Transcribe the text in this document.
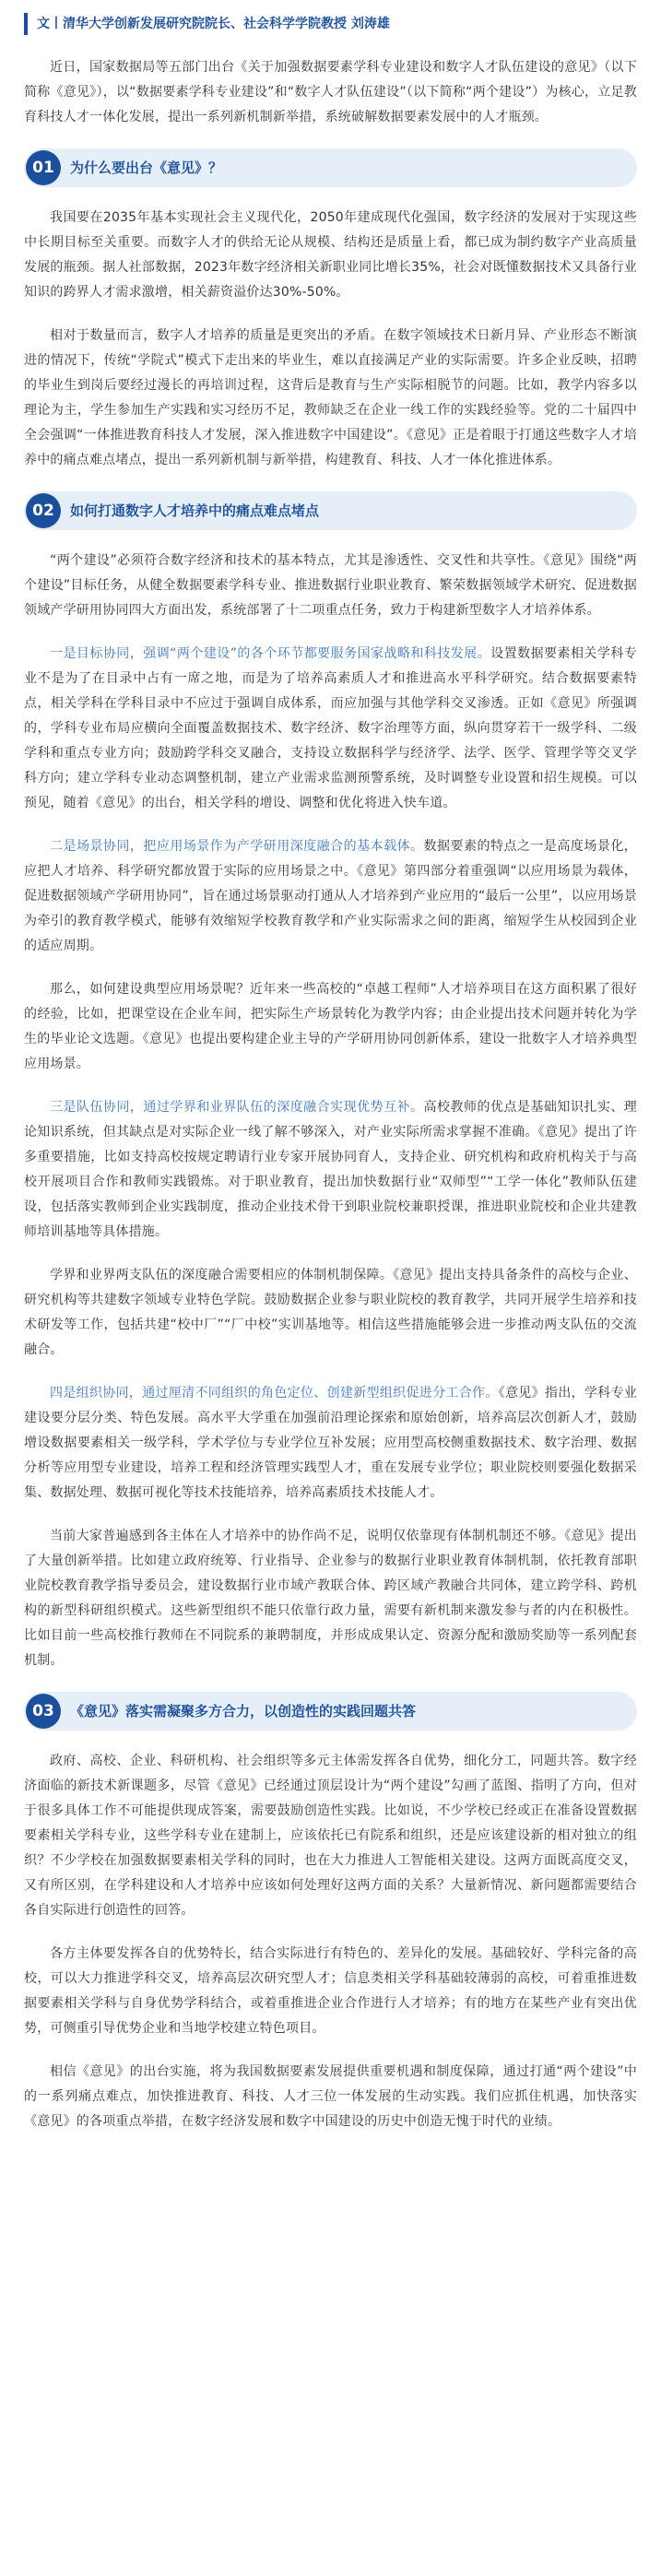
文丨清华大学创新发展研究院院长、社会科学学院教授 刘涛雄

近日，国家数据局等五部门出台《关于加强数据要素学科专业建设和数字人才队伍建设的意见》（以下简称《意见》），以“数据要素学科专业建设”和“数字人才队伍建设”（以下简称“两个建设”）为核心，立足教育科技人才一体化发展，提出一系列新机制新举措，系统破解数据要素发展中的人才瓶颈。

01	为什么要出台《意见》？

我国要在2035年基本实现社会主义现代化，2050年建成现代化强国，数字经济的发展对于实现这些中长期目标至关重要。而数字人才的供给无论从规模、结构还是质量上看，都已成为制约数字产业高质量发展的瓶颈。据人社部数据，2023年数字经济相关新职业同比增长35%，社会对既懂数据技术又具备行业知识的跨界人才需求激增，相关薪资溢价达30%-50%。

相对于数量而言，数字人才培养的质量是更突出的矛盾。在数字领域技术日新月异、产业形态不断演进的情况下，传统“学院式”模式下走出来的毕业生，难以直接满足产业的实际需要。许多企业反映，招聘的毕业生到岗后要经过漫长的再培训过程，这背后是教育与生产实际相脱节的问题。比如，教学内容多以理论为主，学生参加生产实践和实习经历不足，教师缺乏在企业一线工作的实践经验等。党的二十届四中全会强调“一体推进教育科技人才发展，深入推进数字中国建设”。《意见》正是着眼于打通这些数字人才培养中的痛点难点堵点，提出一系列新机制与新举措，构建教育、科技、人才一体化推进体系。

02	如何打通数字人才培养中的痛点难点堵点

“两个建设”必须符合数字经济和技术的基本特点，尤其是渗透性、交叉性和共享性。《意见》围绕“两个建设”目标任务，从健全数据要素学科专业、推进数据行业职业教育、繁荣数据领域学术研究、促进数据领域产学研用协同四大方面出发，系统部署了十二项重点任务，致力于构建新型数字人才培养体系。

一是目标协同，强调“两个建设”的各个环节都要服务国家战略和科技发展。设置数据要素相关学科专业不是为了在目录中占有一席之地，而是为了培养高素质人才和推进高水平科学研究。结合数据要素特点，相关学科在学科目录中不应过于强调自成体系，而应加强与其他学科交叉渗透。正如《意见》所强调的，学科专业布局应横向全面覆盖数据技术、数字经济、数字治理等方面，纵向贯穿若干一级学科、二级学科和重点专业方向；鼓励跨学科交叉融合，支持设立数据科学与经济学、法学、医学、管理学等交叉学科方向；建立学科专业动态调整机制，建立产业需求监测预警系统，及时调整专业设置和招生规模。可以预见，随着《意见》的出台，相关学科的增设、调整和优化将进入快车道。

二是场景协同，把应用场景作为产学研用深度融合的基本载体。数据要素的特点之一是高度场景化，应把人才培养、科学研究都放置于实际的应用场景之中。《意见》第四部分着重强调“以应用场景为载体，促进数据领域产学研用协同”，旨在通过场景驱动打通从人才培养到产业应用的“最后一公里”，以应用场景为牵引的教育教学模式，能够有效缩短学校教育教学和产业实际需求之间的距离，缩短学生从校园到企业的适应周期。

那么，如何建设典型应用场景呢？近年来一些高校的“卓越工程师”人才培养项目在这方面积累了很好的经验，比如，把课堂设在企业车间，把实际生产场景转化为教学内容；由企业提出技术问题并转化为学生的毕业论文选题。《意见》也提出要构建企业主导的产学研用协同创新体系，建设一批数字人才培养典型应用场景。

三是队伍协同，通过学界和业界队伍的深度融合实现优势互补。高校教师的优点是基础知识扎实、理论知识系统，但其缺点是对实际企业一线了解不够深入，对产业实际所需求掌握不准确。《意见》提出了许多重要措施，比如支持高校按规定聘请行业专家开展协同育人，支持企业、研究机构和政府机构关于与高校开展项目合作和教师实践锻炼。对于职业教育，提出加快数据行业“双师型”“工学一体化”教师队伍建设，包括落实教师到企业实践制度，推动企业技术骨干到职业院校兼职授课，推进职业院校和企业共建教师培训基地等具体措施。

学界和业界两支队伍的深度融合需要相应的体制机制保障。《意见》提出支持具备条件的高校与企业、研究机构等共建数字领域专业特色学院。鼓励数据企业参与职业院校的教育教学，共同开展学生培养和技术研发等工作，包括共建“校中厂”“厂中校”实训基地等。相信这些措施能够会进一步推动两支队伍的交流融合。

四是组织协同，通过厘清不同组织的角色定位、创建新型组织促进分工合作。《意见》指出，学科专业建设要分层分类、特色发展。高水平大学重在加强前沿理论探索和原始创新，培养高层次创新人才，鼓励增设数据要素相关一级学科，学术学位与专业学位互补发展；应用型高校侧重数据技术、数字治理、数据分析等应用型专业建设，培养工程和经济管理实践型人才，重在发展专业学位；职业院校则要强化数据采集、数据处理、数据可视化等技术技能培养，培养高素质技术技能人才。

当前大家普遍感到各主体在人才培养中的协作尚不足，说明仅依靠现有体制机制还不够。《意见》提出了大量创新举措。比如建立政府统筹、行业指导、企业参与的数据行业职业教育体制机制，依托教育部职业院校教育教学指导委员会，建设数据行业市域产教联合体、跨区域产教融合共同体，建立跨学科、跨机构的新型科研组织模式。这些新型组织不能只依靠行政力量，需要有新机制来激发参与者的内在积极性。比如目前一些高校推行教师在不同院系的兼聘制度，并形成成果认定、资源分配和激励奖励等一系列配套机制。

03	《意见》落实需凝聚多方合力，以创造性的实践回题共答

政府、高校、企业、科研机构、社会组织等多元主体需发挥各自优势，细化分工，同题共答。数字经济面临的新技术新课题多，尽管《意见》已经通过顶层设计为“两个建设”勾画了蓝图、指明了方向，但对于很多具体工作不可能提供现成答案，需要鼓励创造性实践。比如说，不少学校已经或正在准备设置数据要素相关学科专业，这些学科专业在建制上，应该依托已有院系和组织，还是应该建设新的相对独立的组织？不少学校在加强数据要素相关学科的同时，也在大力推进人工智能相关建设。这两方面既高度交叉，又有所区别，在学科建设和人才培养中应该如何处理好这两方面的关系？大量新情况、新问题都需要结合各自实际进行创造性的回答。

各方主体要发挥各自的优势特长，结合实际进行有特色的、差异化的发展。基础较好、学科完备的高校，可以大力推进学科交叉，培养高层次研究型人才；信息类相关学科基础较薄弱的高校，可着重推进数据要素相关学科与自身优势学科结合，或着重推进企业合作进行人才培养；有的地方在某些产业有突出优势，可侧重引导优势企业和当地学校建立特色项目。

相信《意见》的出台实施，将为我国数据要素发展提供重要机遇和制度保障，通过打通“两个建设”中的一系列痛点难点，加快推进教育、科技、人才三位一体发展的生动实践。我们应抓住机遇，加快落实《意见》的各项重点举措，在数字经济发展和数字中国建设的历史中创造无愧于时代的业绩。
